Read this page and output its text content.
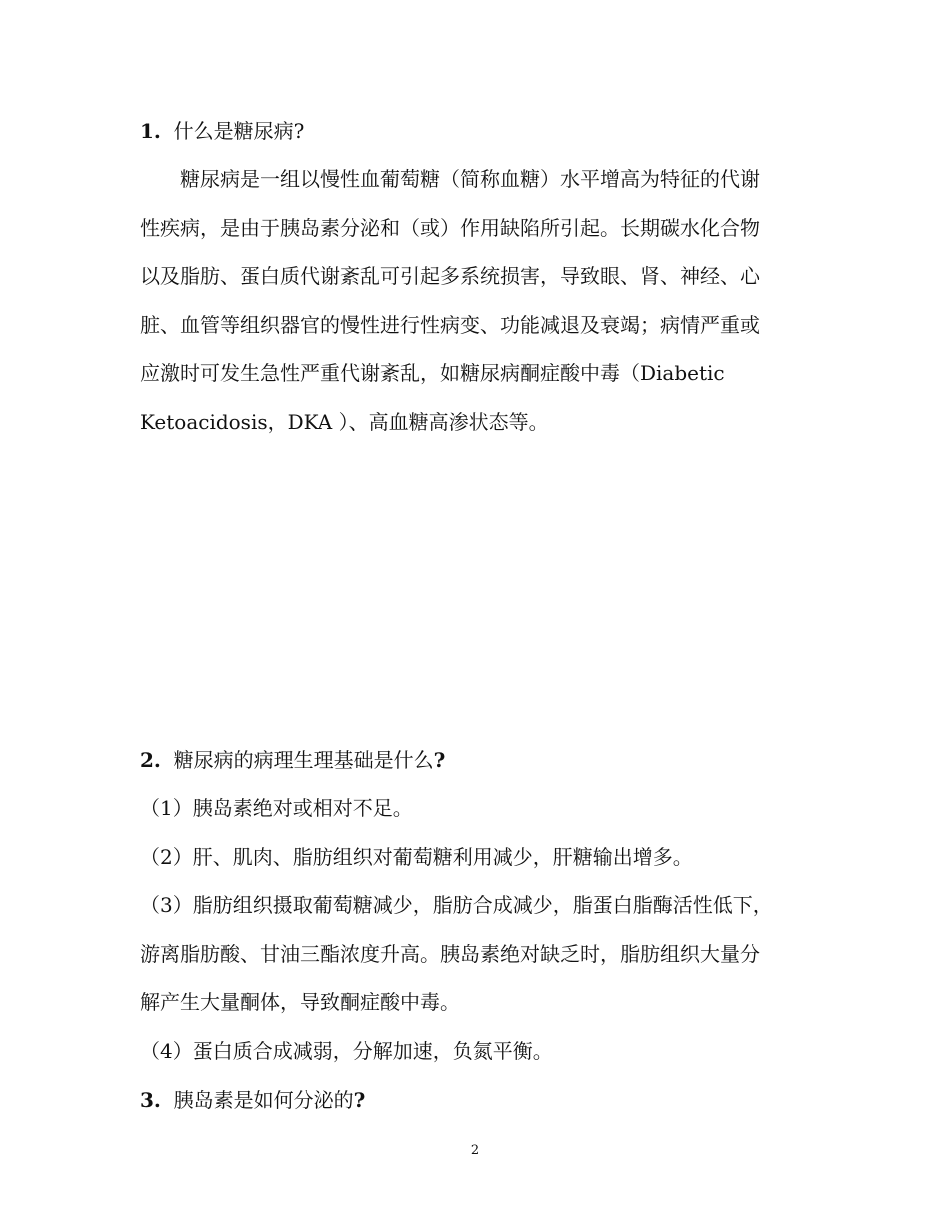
1. 什么是糖尿病?
糖尿病是一组以慢性血葡萄糖（简称血糖）水平增高为特征的代谢
性疾病，是由于胰岛素分泌和（或）作用缺陷所引起。长期碳水化合物
以及脂肪、蛋白质代谢紊乱可引起多系统损害，导致眼、肾、神经、心
脏、血管等组织器官的慢性进行性病变、功能减退及衰竭；病情严重或
应激时可发生急性严重代谢紊乱，如糖尿病酮症酸中毒（Diabetic
Ketoacidosis，DKA ）、高血糖高渗状态等。
2. 糖尿病的病理生理基础是什么?
（1）胰岛素绝对或相对不足。
（2）肝、肌肉、脂肪组织对葡萄糖利用减少，肝糖输出增多。
（3）脂肪组织摄取葡萄糖减少，脂肪合成减少，脂蛋白脂酶活性低下，
游离脂肪酸、甘油三酯浓度升高。胰岛素绝对缺乏时，脂肪组织大量分
解产生大量酮体，导致酮症酸中毒。
（4）蛋白质合成减弱，分解加速，负氮平衡。
3. 胰岛素是如何分泌的?
2
